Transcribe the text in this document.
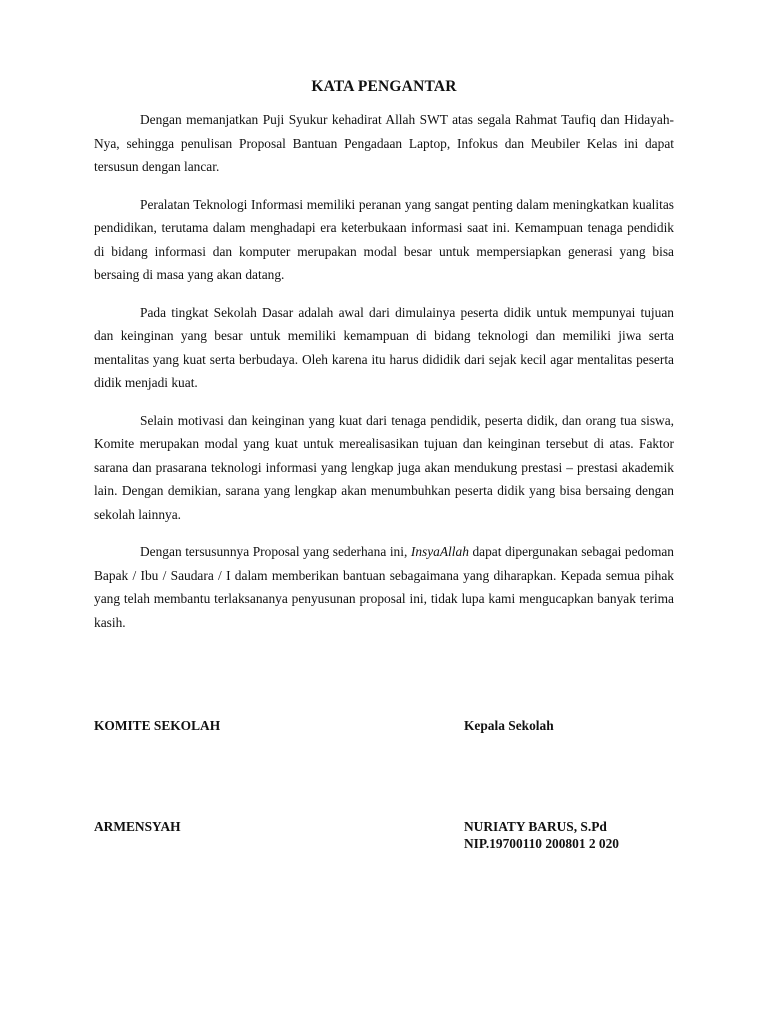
KATA PENGANTAR

Dengan memanjatkan Puji Syukur kehadirat Allah SWT atas segala Rahmat Taufiq dan Hidayah-Nya, sehingga penulisan Proposal Bantuan Pengadaan Laptop, Infokus dan Meubiler Kelas ini dapat tersusun dengan lancar.

Peralatan Teknologi Informasi memiliki peranan yang sangat penting dalam meningkatkan kualitas pendidikan, terutama dalam menghadapi era keterbukaan informasi saat ini. Kemampuan tenaga pendidik di bidang informasi dan komputer merupakan modal besar untuk mempersiapkan generasi yang bisa bersaing di masa yang akan datang.

Pada tingkat Sekolah Dasar adalah awal dari dimulainya peserta didik untuk mempunyai tujuan dan keinginan yang besar untuk memiliki kemampuan di bidang teknologi dan memiliki jiwa serta mentalitas yang kuat serta berbudaya. Oleh karena itu harus dididik dari sejak kecil agar mentalitas peserta didik menjadi kuat.

Selain motivasi dan keinginan yang kuat dari tenaga pendidik, peserta didik, dan orang tua siswa, Komite merupakan modal yang kuat untuk merealisasikan tujuan dan keinginan tersebut di atas. Faktor sarana dan prasarana teknologi informasi yang lengkap juga akan mendukung prestasi – prestasi akademik lain. Dengan demikian, sarana yang lengkap akan menumbuhkan peserta didik yang bisa bersaing dengan sekolah lainnya.

Dengan tersusunnya Proposal yang sederhana ini, InsyaAllah dapat dipergunakan sebagai pedoman Bapak / Ibu / Saudara / I dalam memberikan bantuan sebagaimana yang diharapkan. Kepada semua pihak yang telah membantu terlaksananya penyusunan proposal ini, tidak lupa kami mengucapkan banyak terima kasih.

KOMITE SEKOLAH	Kepala Sekolah
ARMENSYAH	NURIATY BARUS, S.Pd
NIP.19700110 200801 2 020
